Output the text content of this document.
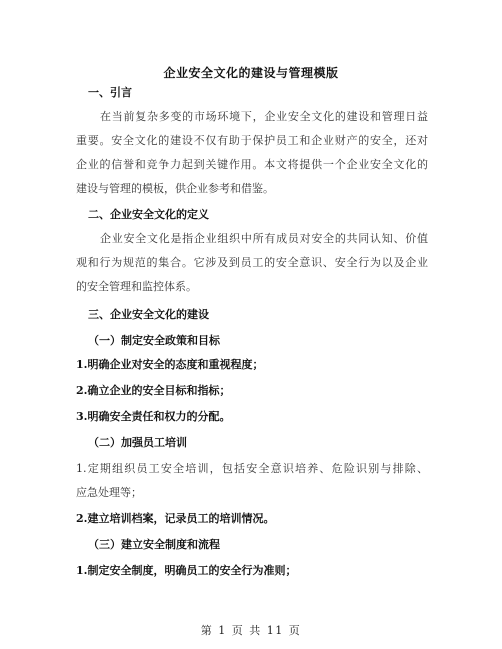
企业安全文化的建设与管理模版
一、引言
在当前复杂多变的市场环境下，企业安全文化的建设和管理日益
重要。安全文化的建设不仅有助于保护员工和企业财产的安全，还对
企业的信誉和竞争力起到关键作用。本文将提供一个企业安全文化的
建设与管理的模板，供企业参考和借鉴。
二、企业安全文化的定义
企业安全文化是指企业组织中所有成员对安全的共同认知、价值
观和行为规范的集合。它涉及到员工的安全意识、安全行为以及企业
的安全管理和监控体系。
三、企业安全文化的建设
（一）制定安全政策和目标
1.明确企业对安全的态度和重视程度；
2.确立企业的安全目标和指标；
3.明确安全责任和权力的分配。
（二）加强员工培训
1.定期组织员工安全培训，包括安全意识培养、危险识别与排除、
应急处理等；
2.建立培训档案，记录员工的培训情况。
（三）建立安全制度和流程
1.制定安全制度，明确员工的安全行为准则；
第 1 页 共 11 页
